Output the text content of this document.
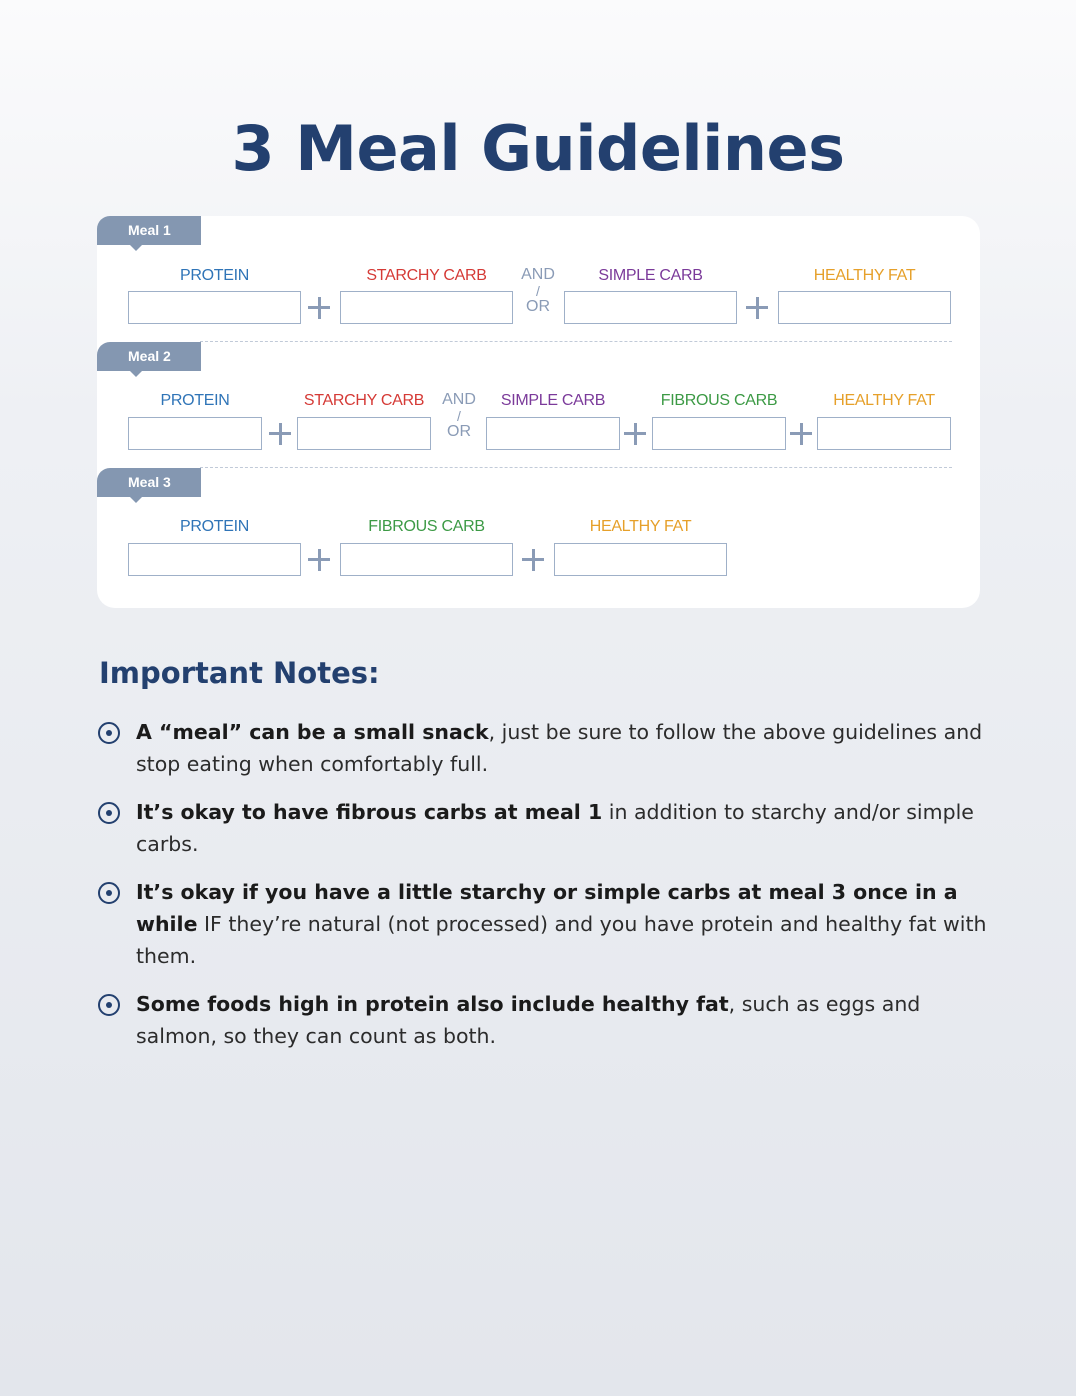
3 Meal Guidelines
Meal 1
PROTEIN	STARCHY CARB	SIMPLE CARB	HEALTHY FAT
AND
/
OR
Meal 2
PROTEIN	STARCHY CARB	SIMPLE CARB	FIBROUS CARB	HEALTHY FAT
AND
/
OR
Meal 3
PROTEIN	FIBROUS CARB	HEALTHY FAT
Important Notes:
A “meal” can be a small snack, just be sure to follow the above guidelines and stop eating when comfortably full.
It’s okay to have fibrous carbs at meal 1 in addition to starchy and/or simple carbs.
It’s okay if you have a little starchy or simple carbs at meal 3 once in a while IF they’re natural (not processed) and you have protein and healthy fat with them.
Some foods high in protein also include healthy fat, such as eggs and salmon, so they can count as both.
